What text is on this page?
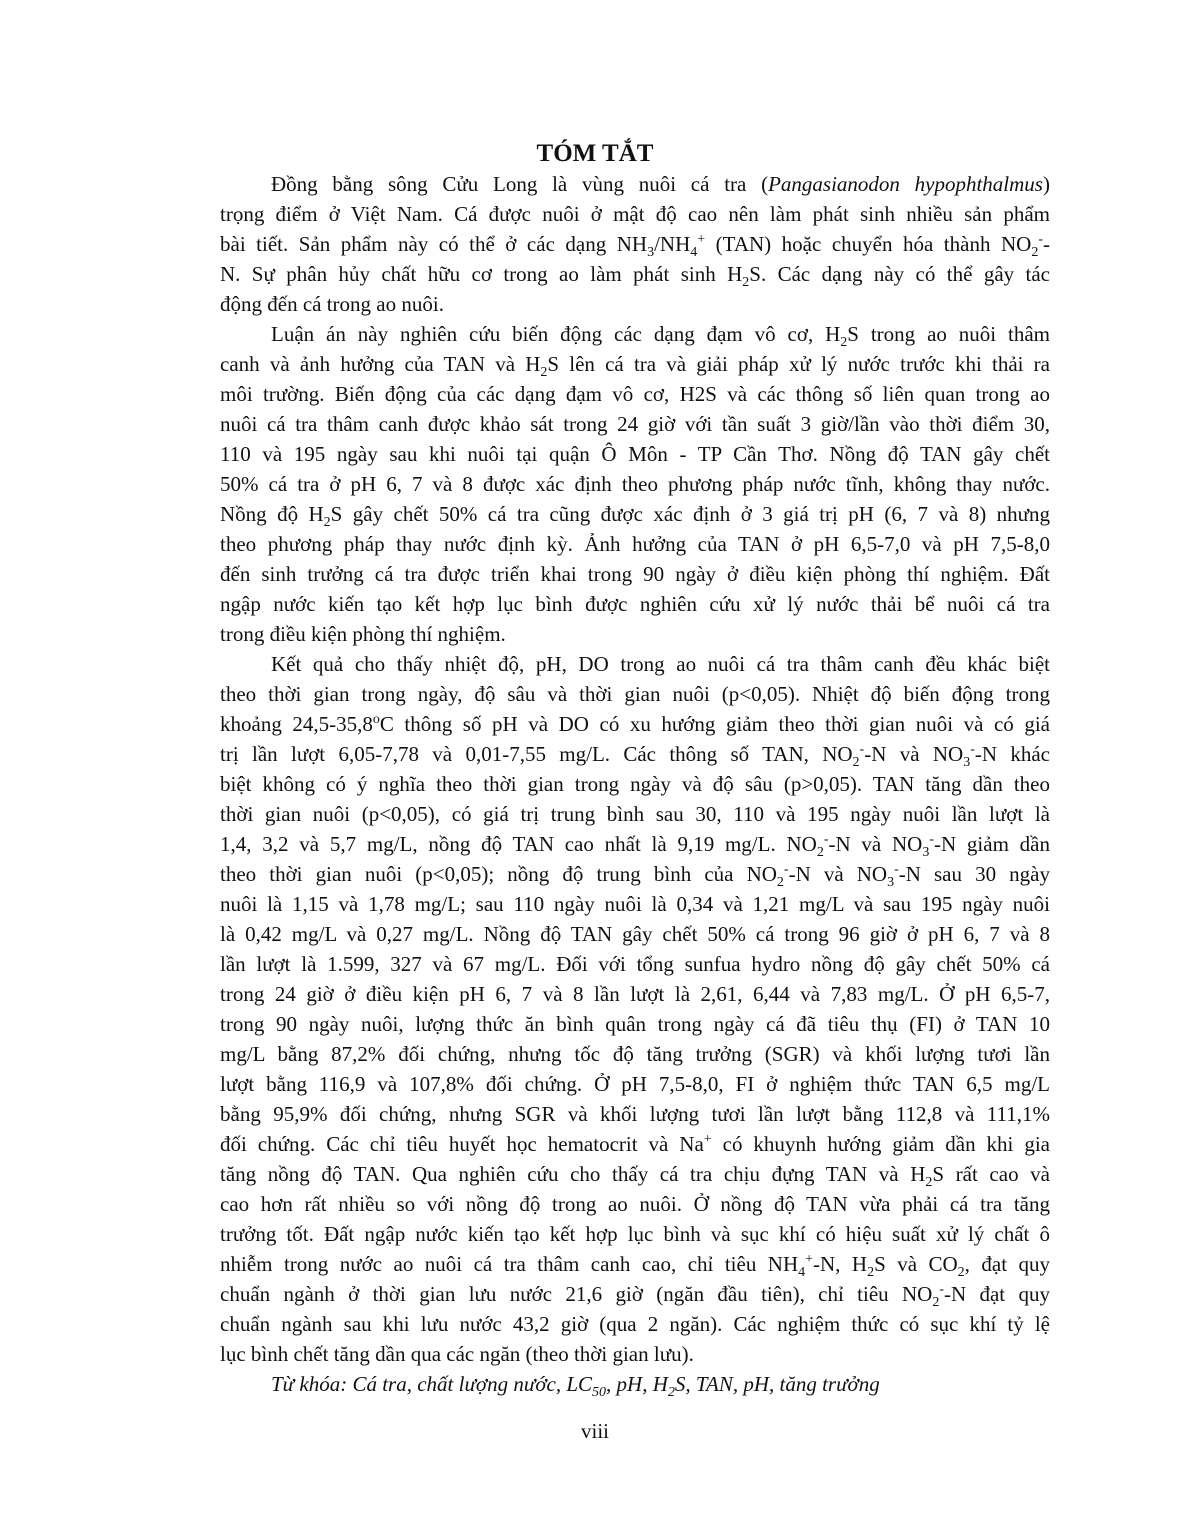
TÓM TẮT
Đồng bằng sông Cửu Long là vùng nuôi cá tra (Pangasianodon hypophthalmus)
trọng điểm ở Việt Nam. Cá được nuôi ở mật độ cao nên làm phát sinh nhiều sản phẩm
bài tiết. Sản phẩm này có thể ở các dạng $NH_3/NH_4^+$ (TAN) hoặc chuyển hóa thành $NO_2^--$
N. Sự phân hủy chất hữu cơ trong ao làm phát $\sinh H_2S$. Các dạng này có thể gây tác
động đến cá trong ao nuôi.
Luận án này nghiên cứu biến động các dạng đạm vô cơ, $H_2S$ trong ao nuôi thâm
canh và ảnh hưởng của TAN và $H_2S$ lên cá tra và giải pháp xử lý nước trước khi thải ra
môi trường. Biến động của các dạng đạm vô cơ, H2S và các thông số liên quan trong ao
nuôi cá tra thâm canh được khảo sát trong 24 giờ với tần suất 3 giờ/lần vào thời điểm 30,
110 và 195 ngày sau khi nuôi tại quận Ô Môn - TP Cần Thơ. Nồng độ TAN gây chết
50% cá tra ở pH 6, 7 và 8 được xác định theo phương pháp nước tĩnh, không thay nước.
Nồng độ $H_2S$ gây chết 50% cá tra cũng được xác định ở 3 giá trị pH (6, 7 và 8) nhưng
theo phương pháp thay nước định kỳ. Ảnh hưởng của TAN ở pH 6,5-7,0 và pH 7,5-8,0
đến sinh trưởng cá tra được triển khai trong 90 ngày ở điều kiện phòng thí nghiệm. Đất
ngập nước kiến tạo kết hợp lục bình được nghiên cứu xử lý nước thải bể nuôi cá tra
trong điều kiện phòng thí nghiệm.
Kết quả cho thấy nhiệt độ, pH, DO trong ao nuôi cá tra thâm canh đều khác biệt
theo thời gian trong ngày, độ sâu và thời gian nuôi (p<0,05). Nhiệt độ biến động trong
khoảng 24,5-35,8$^o$C thông số pH và DO có xu hướng giảm theo thời gian nuôi và có giá
trị lần lượt 6,05-7,78 và 0,01-7,55 mg/L. Các thông số TAN, $NO_2^--N$ và $NO_3^--N$ khác
biệt không có ý nghĩa theo thời gian trong ngày và độ sâu (p>0,05). TAN tăng dần theo
thời gian nuôi (p<0,05), có giá trị trung bình sau 30, 110 và 195 ngày nuôi lần lượt là
1,4, 3,2 và 5,7 mg/L, nồng độ TAN cao nhất là 9,19 mg/L. $NO_2^--N$ và $NO_3^--N$ giảm dần
theo thời gian nuôi (p<0,05); nồng độ trung bình của $NO_2^--N$ và $NO_3^--N$ sau 30 ngày
nuôi là 1,15 và 1,78 mg/L; sau 110 ngày nuôi là 0,34 và 1,21 mg/L và sau 195 ngày nuôi
là 0,42 mg/L và 0,27 mg/L. Nồng độ TAN gây chết 50% cá trong 96 giờ ở pH 6, 7 và 8
lần lượt là 1.599, 327 và 67 mg/L. Đối với tổng sunfua hydro nồng độ gây chết 50% cá
trong 24 giờ ở điều kiện pH 6, 7 và 8 lần lượt là 2,61, 6,44 và 7,83 mg/L. Ở pH 6,5-7,
trong 90 ngày nuôi, lượng thức ăn bình quân trong ngày cá đã tiêu thụ (FI) ở TAN 10
mg/L bằng 87,2% đối chứng, nhưng tốc độ tăng trưởng (SGR) và khối lượng tươi lần
lượt bằng 116,9 và 107,8% đối chứng. Ở pH 7,5-8,0, FI ở nghiệm thức TAN 6,5 mg/L
bằng 95,9% đối chứng, nhưng SGR và khối lượng tươi lần lượt bằng 112,8 và 111,1%
đối chứng. Các chỉ tiêu huyết học hematocrit và Na+ có khuynh hướng giảm dần khi gia
tăng nồng độ TAN. Qua nghiên cứu cho thấy cá tra chịu đựng TAN và $H_2S$ rất cao và
cao hơn rất nhiều so với nồng độ trong ao nuôi. Ở nồng độ TAN vừa phải cá tra tăng
trưởng tốt. Đất ngập nước kiến tạo kết hợp lục bình và sục khí có hiệu suất xử lý chất ô
nhiễm trong nước ao nuôi cá tra thâm canh cao, chỉ tiêu $NH_4^+-N$, $H_2S$ và $CO_2$, đạt quy
chuẩn ngành ở thời gian lưu nước 21,6 giờ (ngăn đầu tiên), chỉ tiêu $NO_2^--N$ đạt quy
chuẩn ngành sau khi lưu nước 43,2 giờ (qua 2 ngăn). Các nghiệm thức có sục khí tỷ lệ
lục bình chết tăng dần qua các ngăn (theo thời gian lưu).
Từ khóa: Cá tra, chất lượng nước, $LC_{50}$, pH, $H_2S$, TAN, pH, tăng trưởng
viii
